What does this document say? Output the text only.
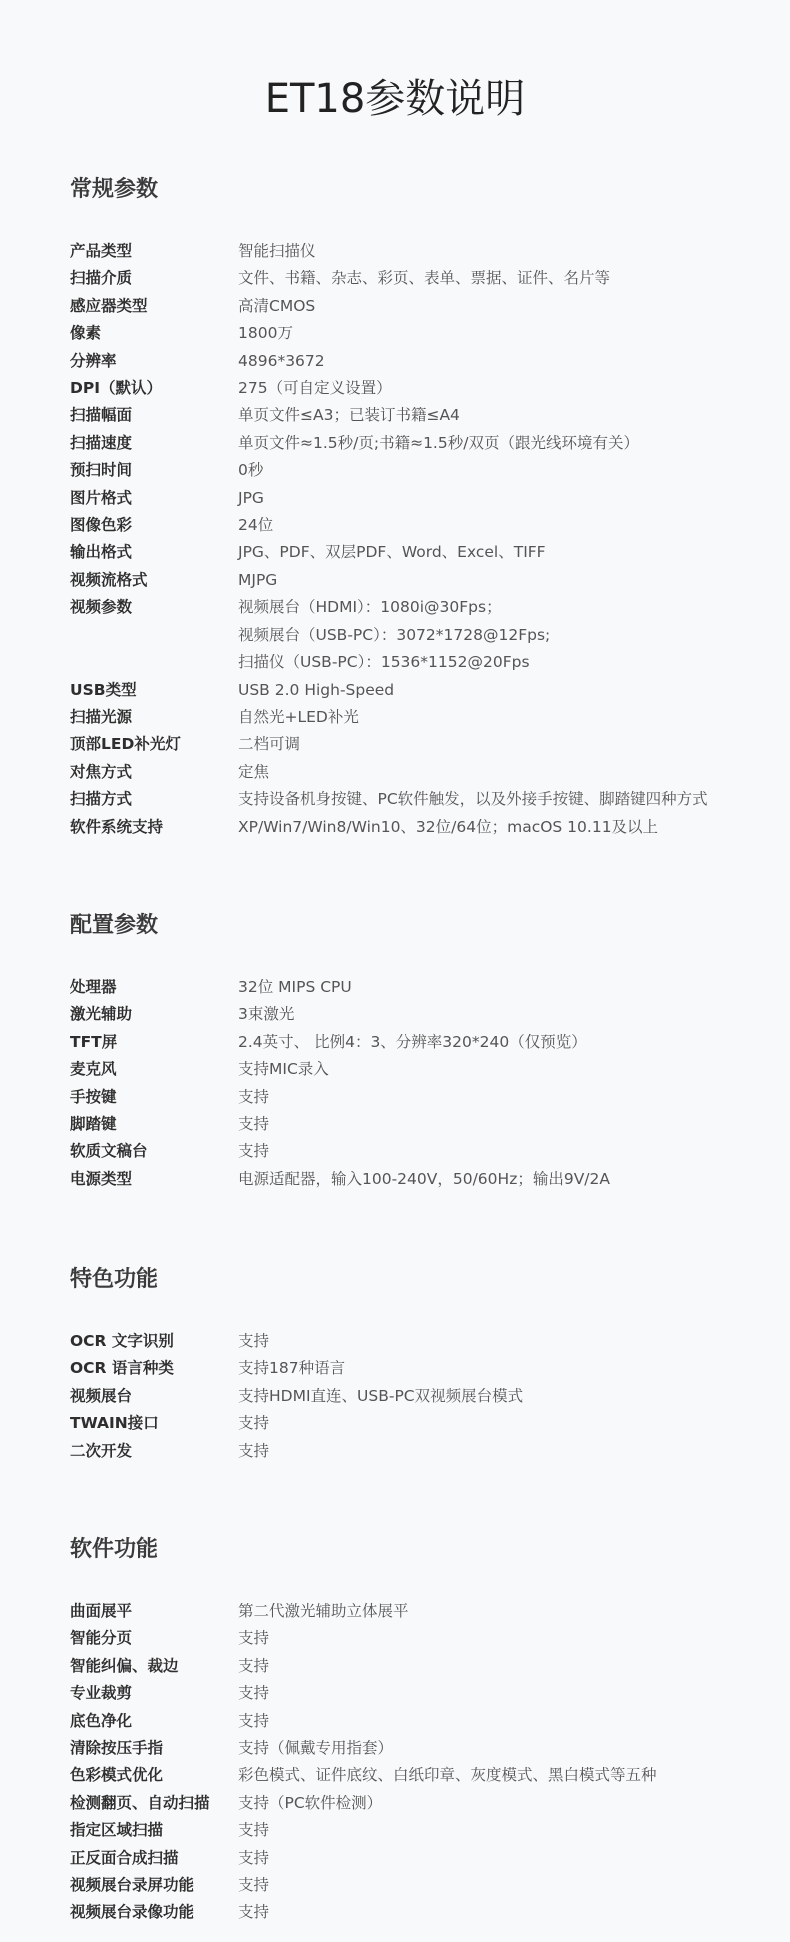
ET18参数说明
常规参数
产品类型	智能扫描仪
扫描介质	文件、书籍、杂志、彩页、表单、票据、证件、名片等
感应器类型	高清CMOS
像素	1800万
分辨率	4896*3672
DPI（默认）	275（可自定义设置）
扫描幅面	单页文件≤A3；已装订书籍≤A4
扫描速度	单页文件≈1.5秒/页;书籍≈1.5秒/双页（跟光线环境有关）
预扫时间	0秒
图片格式	JPG
图像色彩	24位
输出格式	JPG、PDF、双层PDF、Word、Excel、TIFF
视频流格式	MJPG
视频参数	视频展台（HDMI）：1080i@30Fps；
视频展台（USB-PC）：3072*1728@12Fps;
扫描仪（USB-PC）：1536*1152@20Fps
USB类型	USB 2.0 High-Speed
扫描光源	自然光+LED补光
顶部LED补光灯	二档可调
对焦方式	定焦
扫描方式	支持设备机身按键、PC软件触发，以及外接手按键、脚踏键四种方式
软件系统支持	XP/Win7/Win8/Win10、32位/64位；macOS 10.11及以上
配置参数
处理器	32位 MIPS CPU
激光辅助	3束激光
TFT屏	2.4英寸、 比例4：3、分辨率320*240（仅预览）
麦克风	支持MIC录入
手按键	支持
脚踏键	支持
软质文稿台	支持
电源类型	电源适配器，输入100-240V，50/60Hz；输出9V/2A
特色功能
OCR 文字识别	支持
OCR 语言种类	支持187种语言
视频展台	支持HDMI直连、USB-PC双视频展台模式
TWAIN接口	支持
二次开发	支持
软件功能
曲面展平	第二代激光辅助立体展平
智能分页	支持
智能纠偏、裁边	支持
专业裁剪	支持
底色净化	支持
清除按压手指	支持（佩戴专用指套）
色彩模式优化	彩色模式、证件底纹、白纸印章、灰度模式、黑白模式等五种
检测翻页、自动扫描	支持（PC软件检测）
指定区域扫描	支持
正反面合成扫描	支持
视频展台录屏功能	支持
视频展台录像功能	支持
